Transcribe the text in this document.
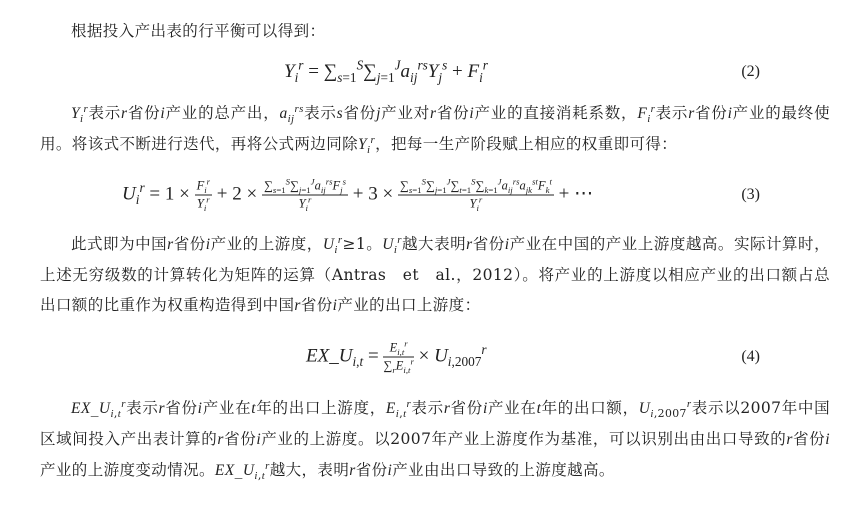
根据投入产出表的行平衡可以得到：

$Y_i^r = \sum_{s=1}^S\sum_{j=1}^Ja_{ij}^{rs}Y_j^s + F_i^r$	(2)

$Y_i^r$表示r省份i产业的总产出，$a_{ij}^{rs}$表示s省份j产业对r省份i产业的直接消耗系数，$F_i^r$表示r省份i产业的最终使用。将该式不断进行迭代，再将公式两边同除$Y_i^r$，把每一生产阶段赋上相应的权重即可得：

$U_i^r = 1 \times \frac{F_i^r}{Y_i^r} + 2 \times \frac{\sum_{s=1}^S\sum_{j=1}^Ja_{ij}^{rs}F_j^s}{Y_i^r} + 3 \times \frac{\sum_{s=1}^S\sum_{j=1}^J\sum_{t=1}^S\sum_{k=1}^Ja_{ij}^{rs}a_{jk}^{st}F_k^t}{Y_i^r}$ + ⋯	(3)

此式即为中国r省份i产业的上游度，$U_i^r\ge 1$。$U_i^r$越大表明r省份i产业在中国的产业上游度越高。实际计算时，上述无穷级数的计算转化为矩阵的运算（Antras　et　al.，2012）。将产业的上游度以相应产业的出口额占总出口额的比重作为权重构造得到中国r省份i产业的出口上游度：

$EX\_U_{i,t} = \frac{E_{i,t}^r}{\sum_rE_{i,t}^r} \times U_{i,2007}^r$	(4)

$EX\_U_{i,t}^r$表示r省份i产业在t年的出口上游度，$E_{i,t}^r$表示r省份i产业在t年的出口额，$U_{i,2007}^r$表示以2007年中国区域间投入产出表计算的r省份i产业的上游度。以2007年产业上游度作为基准，可以识别出由出口导致的r省份i产业的上游度变动情况。$EX\_U_{i,t}^r$越大，表明r省份i产业由出口导致的上游度越高。
